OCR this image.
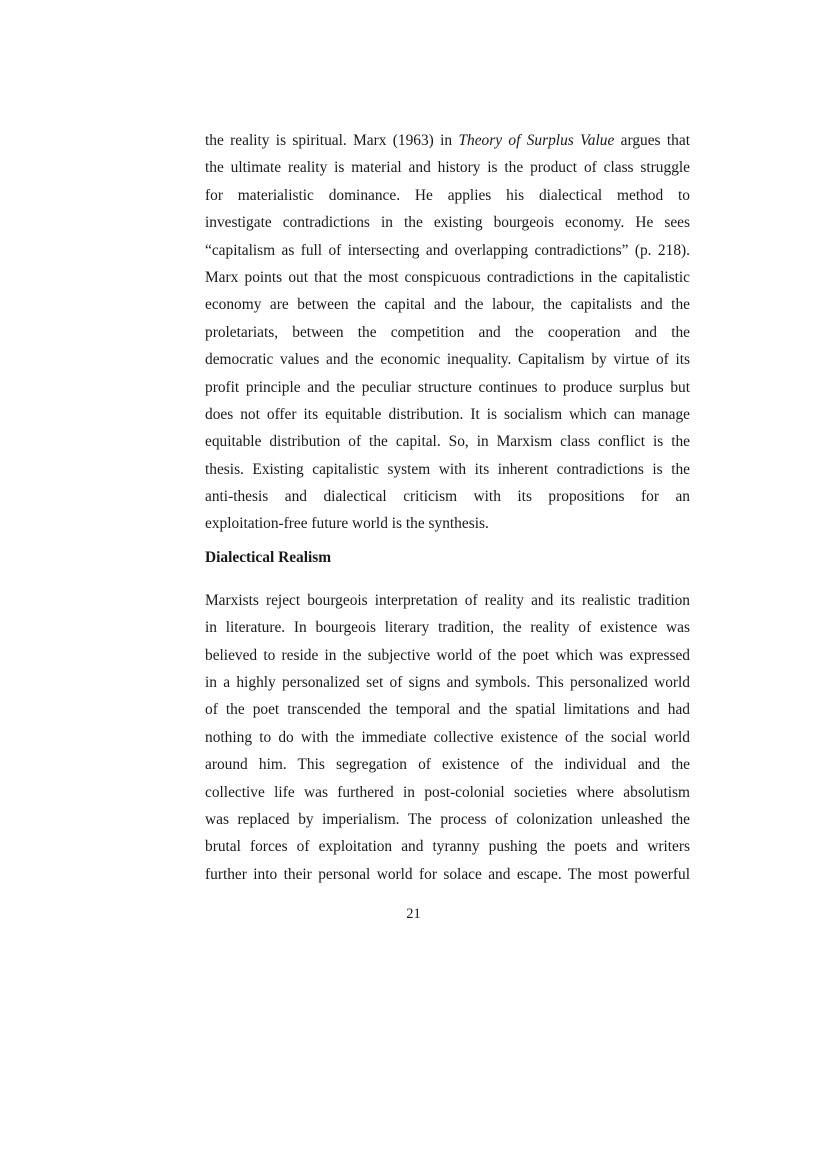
the reality is spiritual. Marx (1963) in Theory of Surplus Value argues that

the ultimate reality is material and history is the product of class struggle

for materialistic dominance. He applies his dialectical method to

investigate contradictions in the existing bourgeois economy. He sees

“capitalism as full of intersecting and overlapping contradictions” (p. 218).

Marx points out that the most conspicuous contradictions in the capitalistic

economy are between the capital and the labour, the capitalists and the

proletariats, between the competition and the cooperation and the

democratic values and the economic inequality. Capitalism by virtue of its

profit principle and the peculiar structure continues to produce surplus but

does not offer its equitable distribution. It is socialism which can manage

equitable distribution of the capital. So, in Marxism class conflict is the

thesis. Existing capitalistic system with its inherent contradictions is the

anti-thesis and dialectical criticism with its propositions for an

exploitation-free future world is the synthesis.

Dialectical Realism

Marxists reject bourgeois interpretation of reality and its realistic tradition

in literature. In bourgeois literary tradition, the reality of existence was

believed to reside in the subjective world of the poet which was expressed

in a highly personalized set of signs and symbols. This personalized world

of the poet transcended the temporal and the spatial limitations and had

nothing to do with the immediate collective existence of the social world

around him. This segregation of existence of the individual and the

collective life was furthered in post-colonial societies where absolutism

was replaced by imperialism. The process of colonization unleashed the

brutal forces of exploitation and tyranny pushing the poets and writers

further into their personal world for solace and escape. The most powerful

21
